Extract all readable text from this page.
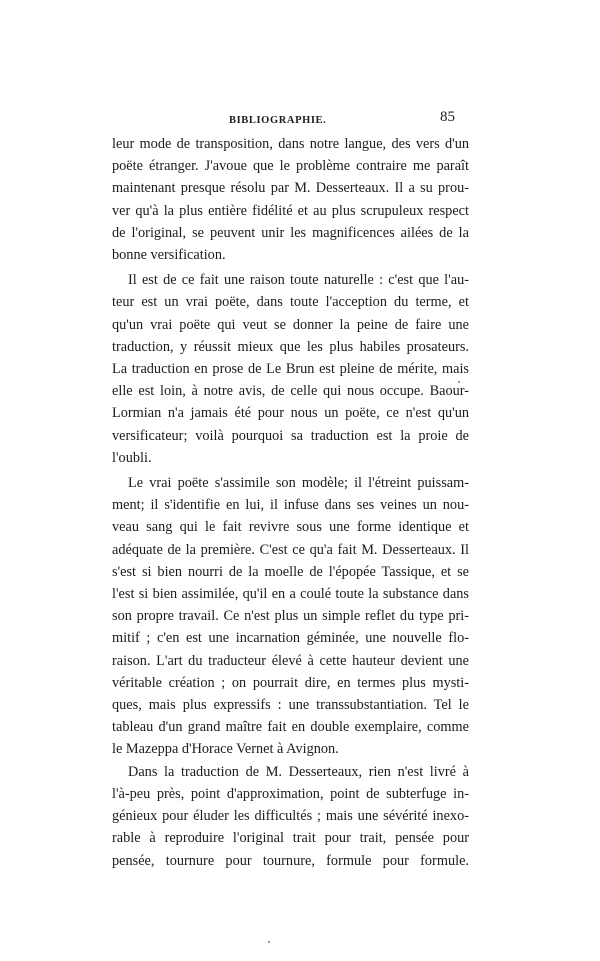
BIBLIOGRAPHIE.	85
leur mode de transposition, dans notre langue, des vers d'un
poëte étranger. J'avoue que le problème contraire me paraît
maintenant presque résolu par M. Desserteaux. Il a su prou-
ver qu'à la plus entière fidélité et au plus scrupuleux respect
de l'original, se peuvent unir les magnificences ailées de la
bonne versification.
Il est de ce fait une raison toute naturelle : c'est que l'au-
teur est un vrai poëte, dans toute l'acception du terme, et
qu'un vrai poëte qui veut se donner la peine de faire une
traduction, y réussit mieux que les plus habiles prosateurs.
La traduction en prose de Le Brun est pleine de mérite, mais
elle est loin, à notre avis, de celle qui nous occupe. Baour-
Lormian n'a jamais été pour nous un poëte, ce n'est qu'un
versificateur; voilà pourquoi sa traduction est la proie de
l'oubli.
Le vrai poëte s'assimile son modèle; il l'étreint puissam-
ment; il s'identifie en lui, il infuse dans ses veines un nou-
veau sang qui le fait revivre sous une forme identique et
adéquate de la première. C'est ce qu'a fait M. Desserteaux. Il
s'est si bien nourri de la moelle de l'épopée Tassique, et se
l'est si bien assimilée, qu'il en a coulé toute la substance dans
son propre travail. Ce n'est plus un simple reflet du type pri-
mitif ; c'en est une incarnation géminée, une nouvelle flo-
raison. L'art du traducteur élevé à cette hauteur devient une
véritable création ; on pourrait dire, en termes plus mysti-
ques, mais plus expressifs : une transsubstantiation. Tel le
tableau d'un grand maître fait en double exemplaire, comme
le Mazeppa d'Horace Vernet à Avignon.
Dans la traduction de M. Desserteaux, rien n'est livré à
l'à-peu près, point d'approximation, point de subterfuge in-
génieux pour éluder les difficultés ; mais une sévérité inexo-
rable à reproduire l'original trait pour trait, pensée pour
pensée, tournure pour tournure, formule pour formule.
